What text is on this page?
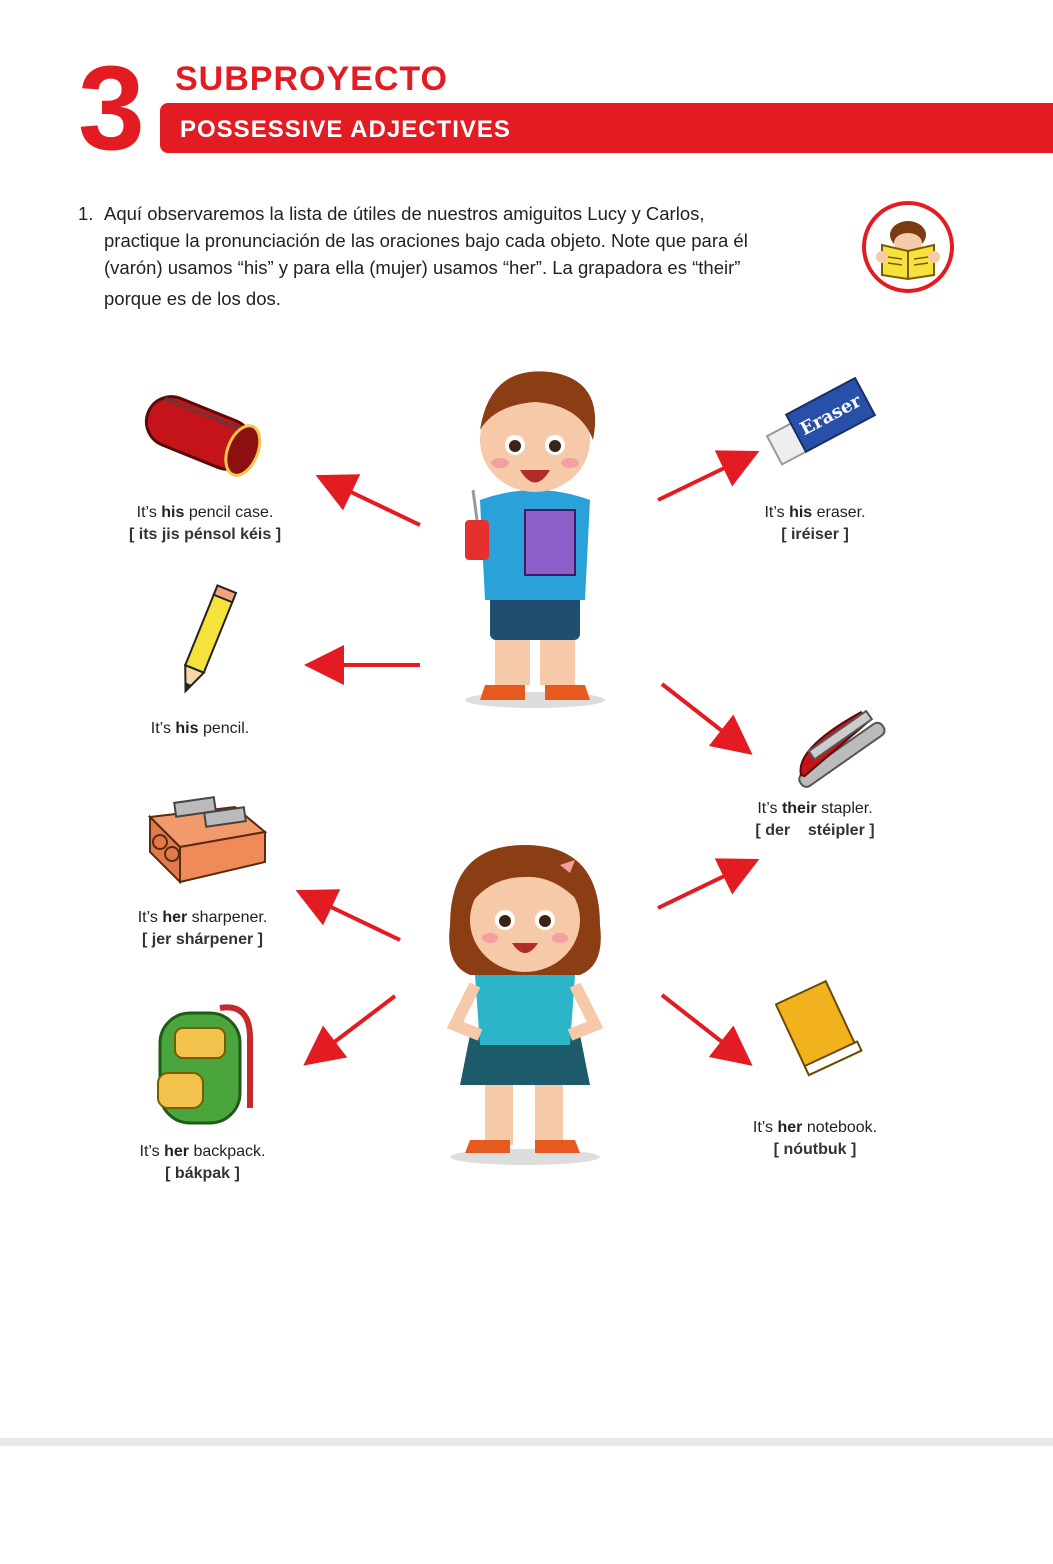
3 SUBPROYECTO
POSSESSIVE ADJECTIVES
1. Aquí observaremos la lista de útiles de nuestros amiguitos Lucy y Carlos,
practique la pronunciación de las oraciones bajo cada objeto. Note que para él
(varón) usamos “his” y para ella (mujer) usamos “her”. La grapadora es “their”
porque es de los dos.
Eraser
It’s his pencil case.
[ its jis pénsol kéis ]
It’s his pencil.
It’s her sharpener.
[ jer shárpener ]
It’s her backpack.
[ bákpak ]
It’s his eraser.
[ iréiser ]
It’s their stapler.
[ der    stéipler ]
It’s her notebook.
[ nóutbuk ]
